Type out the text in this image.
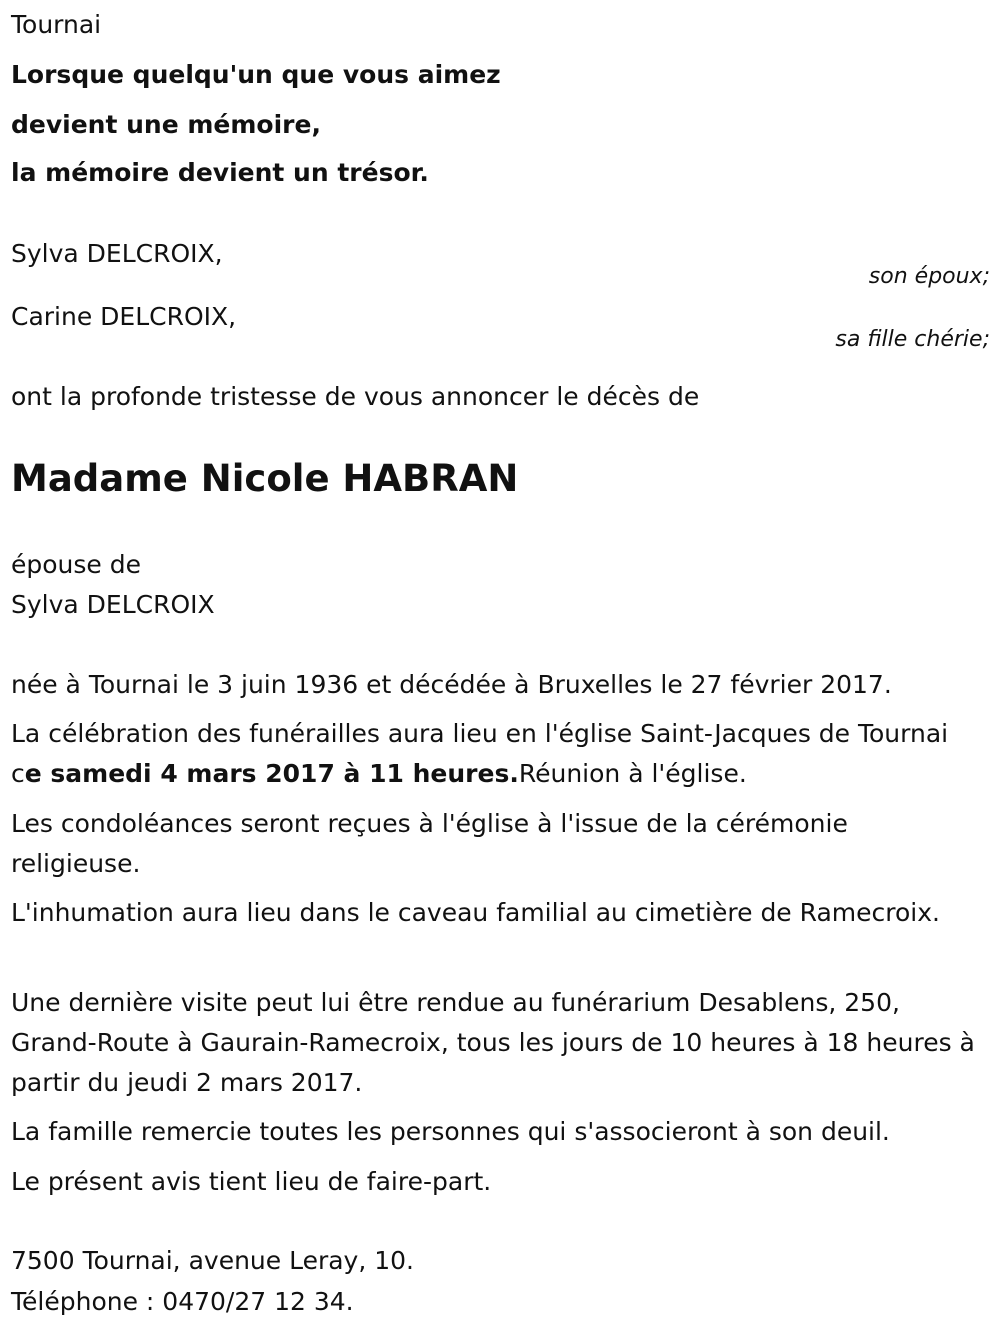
Tournai

Lorsque quelqu'un que vous aimez

devient une mémoire,

la mémoire devient un trésor.

Sylva DELCROIX,

son époux;

Carine DELCROIX,

sa fille chérie;

ont la profonde tristesse de vous annoncer le décès de

Madame Nicole HABRAN

épouse de

Sylva DELCROIX

née à Tournai le 3 juin 1936 et décédée à Bruxelles le 27 février 2017.

La célébration des funérailles aura lieu en l'église Saint-Jacques de Tournai ce samedi 4 mars 2017 à 11 heures.Réunion à l'église.

Les condoléances seront reçues à l'église à l'issue de la cérémonie religieuse.

L'inhumation aura lieu dans le caveau familial au cimetière de Ramecroix.

Une dernière visite peut lui être rendue au funérarium Desablens, 250, Grand-Route à Gaurain-Ramecroix, tous les jours de 10 heures à 18 heures à partir du jeudi 2 mars 2017.

La famille remercie toutes les personnes qui s'associeront à son deuil.

Le présent avis tient lieu de faire-part.

7500 Tournai, avenue Leray, 10.

Téléphone : 0470/27 12 34.
